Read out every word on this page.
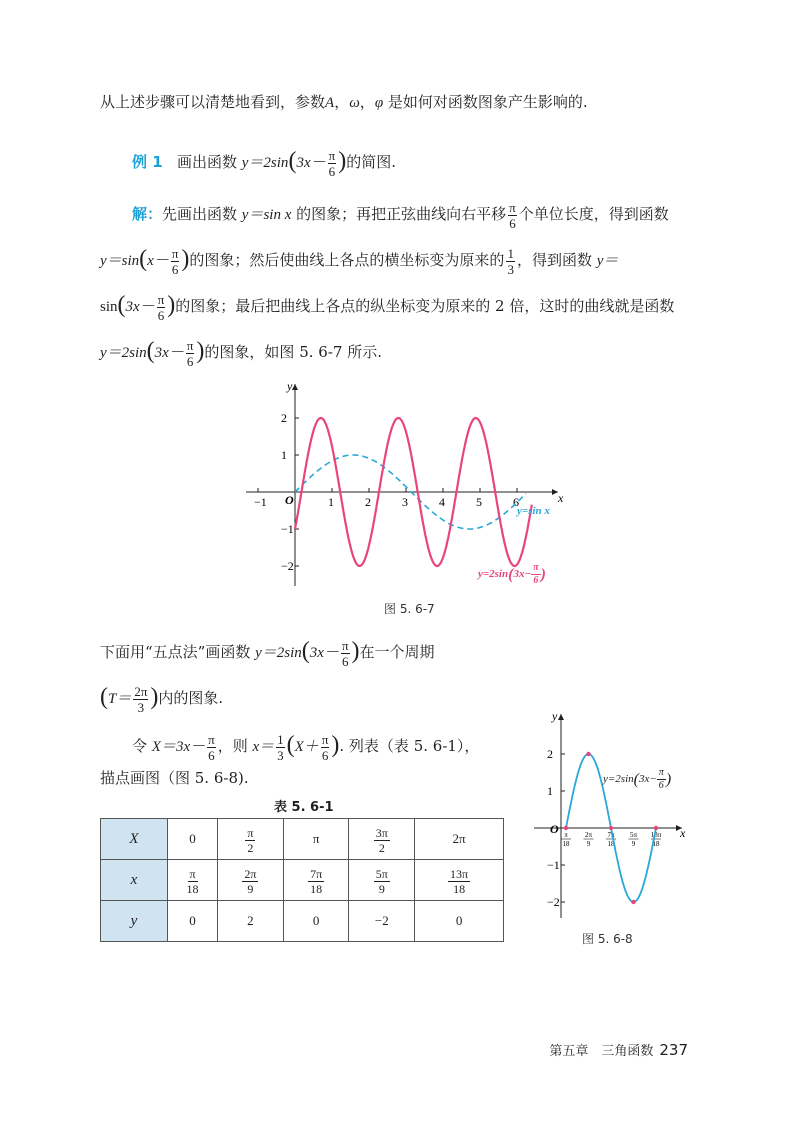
从上述步骤可以清楚地看到，参数A，ω，φ 是如何对函数图象产生影响的.
例 1 画出函数 $y=2\sin(3x- \frac{\pi}{6}$ )的简图.
解：先画出函数 y＝sin x 的图象；再把正弦曲线向右平移 $\frac{\pi}{6}$ 个单位长度，得到函数
$y=\sin(x- \frac{\pi}{6}$ )的图象；然后使曲线上各点的横坐标变为原来的 $\frac{1}{3}$ ，得到函数 y＝
$\sin(3x- \frac{\pi}{6}$ )的图象；最后把曲线上各点的纵坐标变为原来的 2 倍，这时的曲线就是函数
$y=2\sin(3x- \frac{\pi}{6}$ )的图象，如图 5. 6-7 所示.
−1	1	2	3	4	5	6
2
1
−1
−2
x
y
O
y=sin x
$y=2\sin(3x- \frac{\pi}{6}$ )
图 5. 6-7
下面用“五点法”画函数 $y=2\sin(3x- \frac{\pi}{6}$ )在一个周期
($T= \frac{2\pi}{3}$ )内的图象.
令 $X=3x- \frac{\pi}{6}$ ，则 $x= \frac{1}{3} (X+ \frac{\pi}{6}$ ). 列表（表 5. 6-1），
描点画图（图 5. 6-8).
表 5. 6-1
X	0	$\frac{\pi}{2}$	π	$\frac{3\pi}{2}$	2π
x	$\frac{\pi}{18}$	$\frac{2\pi}{9}$	$\frac{7\pi}{18}$	$\frac{5\pi}{9}$	$\frac{13\pi}{18}$

y	0	2	0	−2	0
2
1
−1
−2
π
18
2π
9
7π
18
5π
9
13π
18
x
y
O
$y=2\sin(3x- \frac{\pi}{6}$ )
图 5. 6-8
第五章　三角函数 237
